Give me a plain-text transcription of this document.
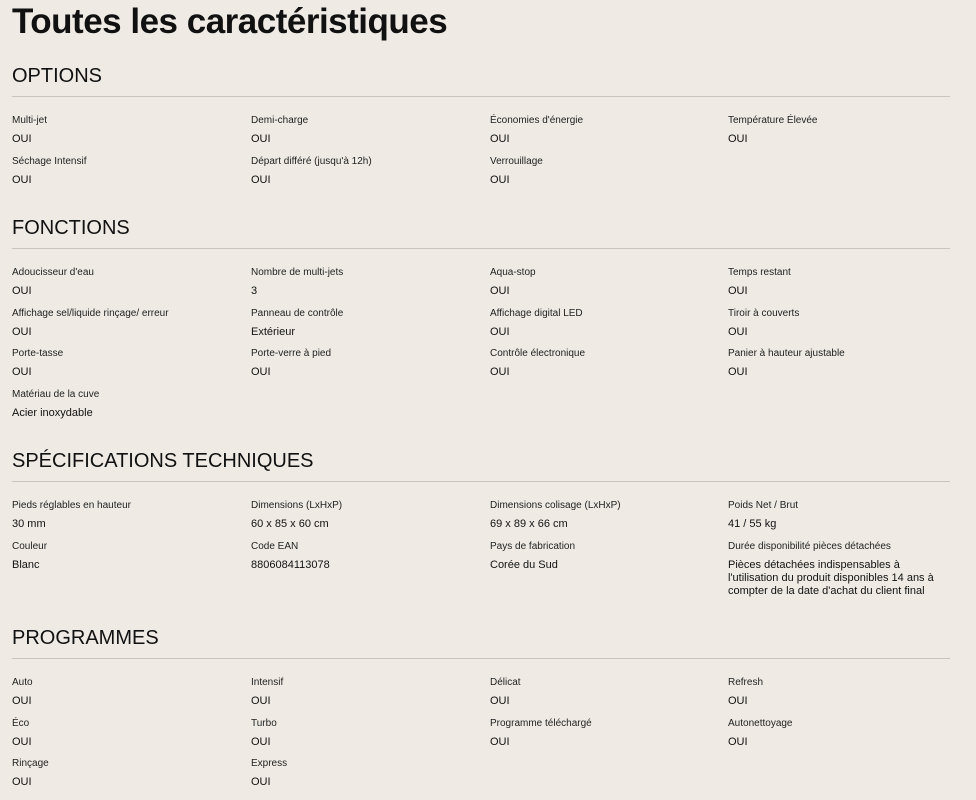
Toutes les caractéristiques
OPTIONS
Multi-jet
OUI
Demi-charge
OUI
Économies d'énergie
OUI
Température Élevée
OUI
Séchage Intensif
OUI
Départ différé (jusqu'à 12h)
OUI
Verrouillage
OUI
FONCTIONS
Adoucisseur d'eau
OUI
Nombre de multi-jets
3
Aqua-stop
OUI
Temps restant
OUI
Affichage sel/liquide rinçage/ erreur
OUI
Panneau de contrôle
Extérieur
Affichage digital LED
OUI
Tiroir à couverts
OUI
Porte-tasse
OUI
Porte-verre à pied
OUI
Contrôle électronique
OUI
Panier à hauteur ajustable
OUI
Matériau de la cuve
Acier inoxydable
SPÉCIFICATIONS TECHNIQUES
Pieds réglables en hauteur
30 mm
Dimensions (LxHxP)
60 x 85 x 60 cm
Dimensions colisage (LxHxP)
69 x 89 x 66 cm
Poids Net / Brut
41 / 55 kg
Couleur
Blanc
Code EAN
8806084113078
Pays de fabrication
Corée du Sud
Durée disponibilité pièces détachées
Pièces détachées indispensables à l'utilisation du produit disponibles 14 ans à compter de la date d'achat du client final
PROGRAMMES
Auto
OUI
Intensif
OUI
Délicat
OUI
Refresh
OUI
Éco
OUI
Turbo
OUI
Programme téléchargé
OUI
Autonettoyage
OUI
Rinçage
OUI
Express
OUI
